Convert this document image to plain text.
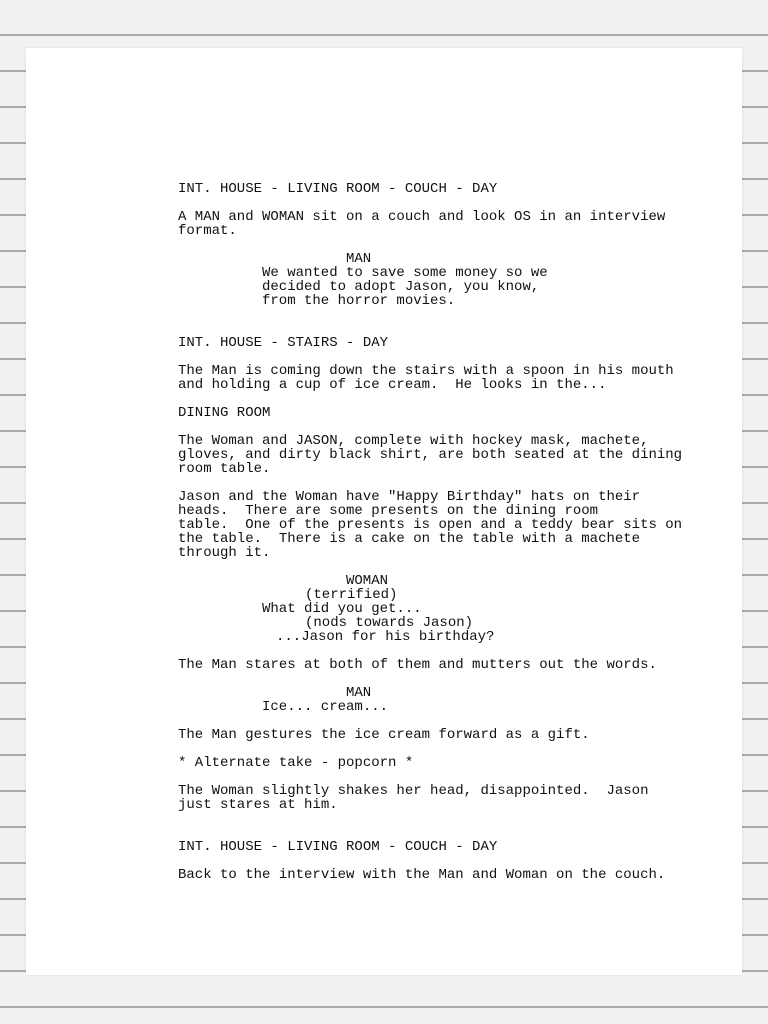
INT. HOUSE - LIVING ROOM - COUCH - DAY

A MAN and WOMAN sit on a couch and look OS in an interview
format.

MAN

We wanted to save some money so we
decided to adopt Jason, you know,
from the horror movies.

INT. HOUSE - STAIRS - DAY

The Man is coming down the stairs with a spoon in his mouth
and holding a cup of ice cream.  He looks in the...

DINING ROOM

The Woman and JASON, complete with hockey mask, machete,
gloves, and dirty black shirt, are both seated at the dining
room table.

Jason and the Woman have "Happy Birthday" hats on their
heads.  There are some presents on the dining room
table.  One of the presents is open and a teddy bear sits on
the table.  There is a cake on the table with a machete
through it.

WOMAN

(terrified)

What did you get...

(nods towards Jason)

...Jason for his birthday?

The Man stares at both of them and mutters out the words.

MAN

Ice... cream...

The Man gestures the ice cream forward as a gift.

* Alternate take - popcorn *

The Woman slightly shakes her head, disappointed.  Jason
just stares at him.

INT. HOUSE - LIVING ROOM - COUCH - DAY

Back to the interview with the Man and Woman on the couch.
